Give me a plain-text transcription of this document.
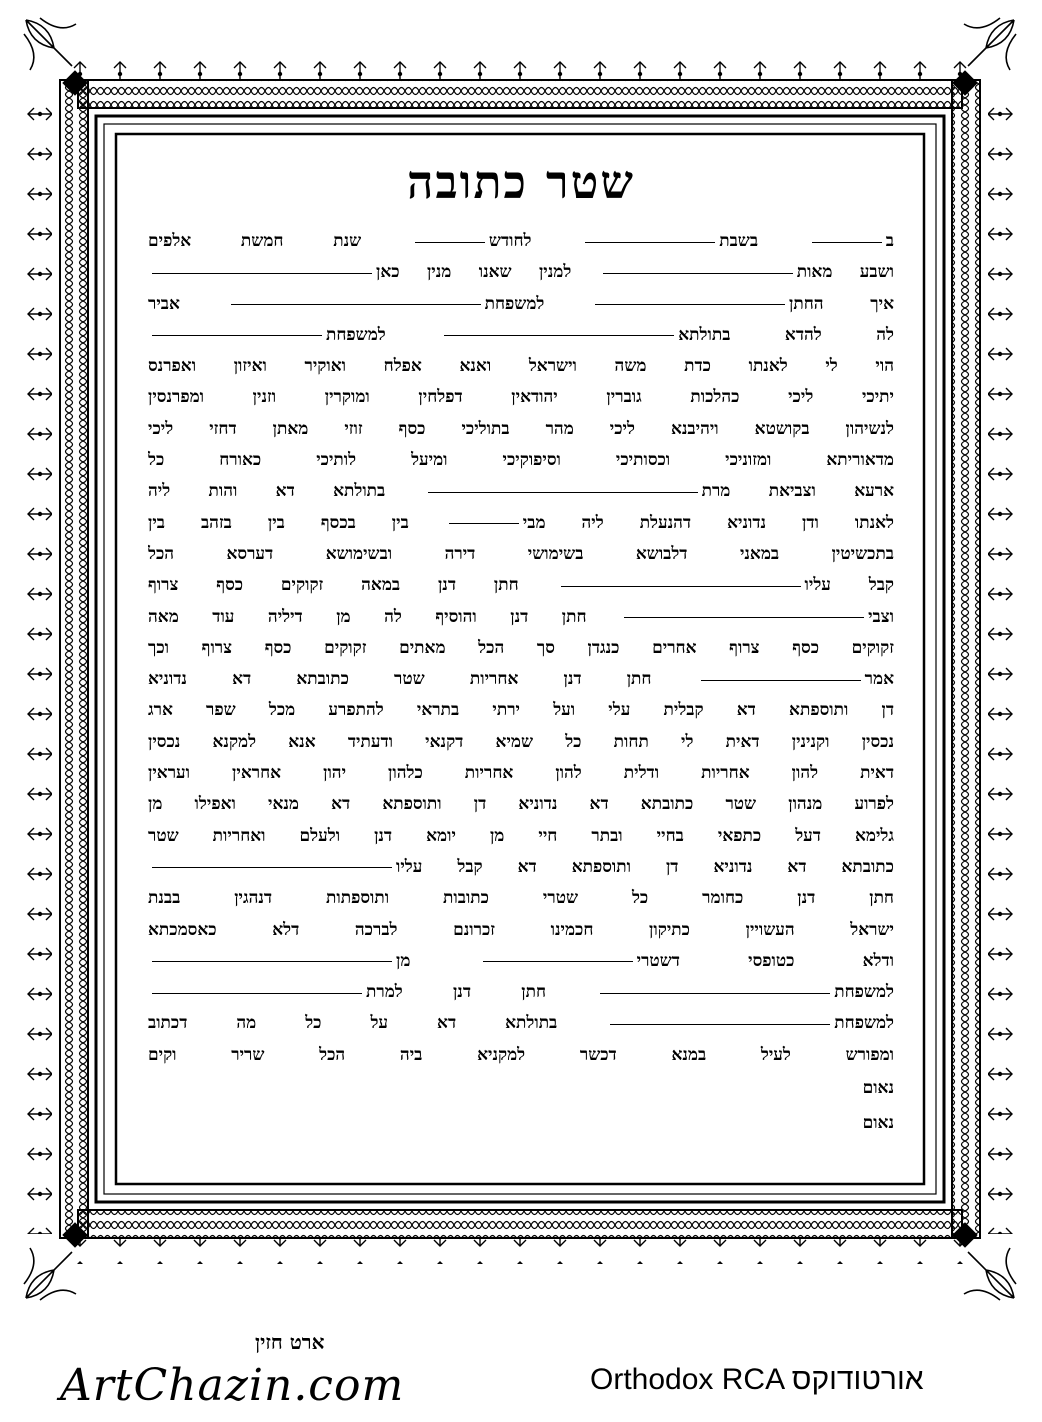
שטר כתובה
ב בשבת לחודש שנת חמשת אלפים
ושבע מאות למנין שאנו מנין כאן
איך החתן למשפחת אביר
לה להדא בתולתא למשפחת
הוי לי לאנתו כדת משה וישראל ואנא אפלח ואוקיר ואיזון ואפרנס
יתיכי ליכי כהלכות גוברין יהודאין דפלחין ומוקרין וזנין ומפרנסין
לנשיהון בקושטא ויהיבנא ליכי מהר בתוליכי כסף זוזי מאתן דחזי ליכי
מדאוריתא ומזוניכי וכסותיכי וסיפוקיכי ומיעל לותיכי כאורח כל
ארעא וצביאת מרת בתולתא דא והות ליה
לאנתו ודן נדוניא דהנעלת ליה מבי בין בכסף בין בזהב בין
בתכשיטין במאני דלבושא בשימושי דירה ובשימושא דערסא הכל
קבל עליו חתן דנן במאה זקוקים כסף צרוף
וצבי חתן דנן והוסיף לה מן דיליה עוד מאה
זקוקים כסף צרוף אחרים כנגדן סך הכל מאתים זקוקים כסף צרוף וכך
אמר חתן דנן אחריות שטר כתובתא דא נדוניא
דן ותוספתא דא קבלית עלי ועל ירתי בתראי להתפרע מכל שפר ארג
נכסין וקנינין דאית לי תחות כל שמיא דקנאי ודעתיד אנא למקנא נכסין
דאית להון אחריות ודלית להון אחריות כלהון יהון אחראין ועראין
לפרוע מנהון שטר כתובתא דא נדוניא דן ותוספתא דא מנאי ואפילו מן
גלימא דעל כתפאי בחיי ובתר חיי מן יומא דנן ולעלם ואחריות שטר
כתובתא דא נדוניא דן ותוספתא דא קבל עליו
חתן דנן כחומר כל שטרי כתובות ותוספתות דנהגין בבנת
ישראל העשויין כתיקון חכמינו זכרונם לברכה דלא כאסמכתא
ודלא כטופסי דשטרי מן
למשפחת חתן דנן למרת
למשפחת בתולתא דא על כל מה דכתוב
ומפורש לעיל במנא דכשר למקניא ביה הכל שריר וקים
נאום
נאום
ארט חזין
ArtChazin.com	Orthodox RCA אורטודוקס
